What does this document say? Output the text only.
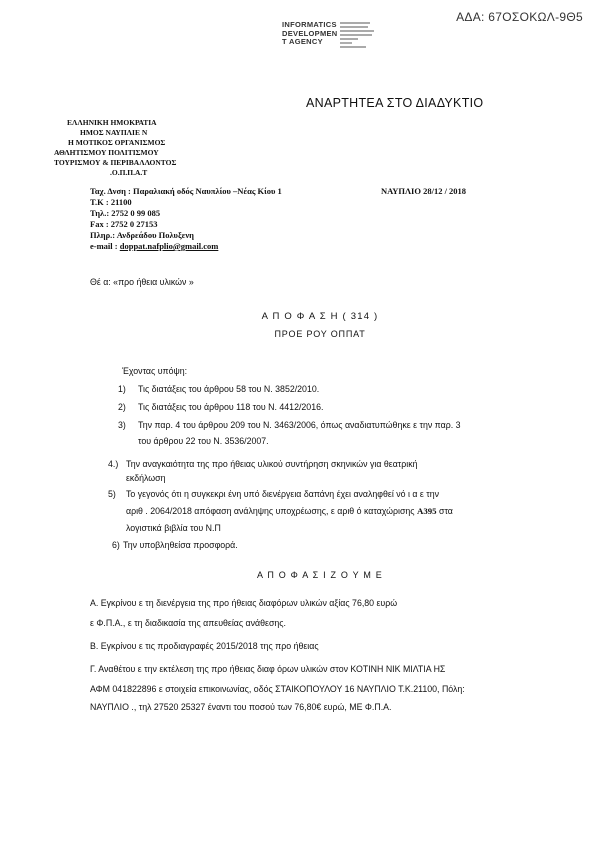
ΑΔΑ: 67ΟΣΟΚΩΛ-9Θ5
INFORMATICS
DEVELOPMEN
T AGENCY
ΑΝΑΡΤΗΤΕΑ ΣΤΟ ΔΙΑΔΥΚΤΙΟ
ΕΛΛΗΝΙΚΗ ΗΜΟΚΡΑΤΙΑ
ΗΜΟΣ ΝΑΥΠΛΙΕ Ν
Η ΜΟΤΙΚΟΣ ΟΡΓΑΝΙΣΜΟΣ
ΑΘΛΗΤΙΣΜΟΥ ΠΟΛΙΤΙΣΜΟΥ
ΤΟΥΡΙΣΜΟΥ & ΠΕΡΙΒΑΛΛΟΝΤΟΣ
.Ο.Π.Π.Α.Τ
Ταχ. Δνση : Παραλιακή οδός Ναυπλίου –Νέας Κίου 1
Τ.Κ : 21100
Τηλ.: 2752 0 99 085
Fax : 2752 0 27153
Πληρ.: Ανδρεάδου Πολυξενη
e-mail : doppat.nafplio@gmail.com
ΝΑΥΠΛΙΟ 28/12 / 2018
Θέ α: «προ ήθεια υλικών »
Α Π Ο Φ Α Σ Η ( 314 )
ΠΡΟΕ ΡΟΥ ΟΠΠΑΤ
Έχοντας υπόψη:
1) Τις διατάξεις του άρθρου 58 του Ν. 3852/2010.
2) Τις διατάξεις του άρθρου 118 του Ν. 4412/2016.
3) Την παρ. 4 του άρθρου 209 του Ν. 3463/2006, όπως αναδιατυπώθηκε ε την παρ. 3
του άρθρου 22 του Ν. 3536/2007.
4.) Την αναγκαιότητα της προ ήθειας υλικού συντήρηση σκηνικών για θεατρική
εκδήλωση
5) Το γεγονός ότι η συγκεκρι ένη υπό διενέργεια δαπάνη έχει αναληφθεί νό ι α ε την
αριθ . 2064/2018 απόφαση ανάληψης υποχρέωσης, ε αριθ ό καταχώρισης Α395 στα
λογιστικά βιβλία του Ν.Π
6) Την υποβληθείσα προσφορά.
Α Π Ο Φ Α Σ Ι Ζ Ο Υ Μ Ε
Α. Εγκρίνου ε τη διενέργεια της προ ήθειας διαφόρων υλικών αξίας 76,80 ευρώ
ε Φ.Π.Α., ε τη διαδικασία της απευθείας ανάθεσης.
Β. Εγκρίνου ε τις προδιαγραφές 2015/2018 της προ ήθειας
Γ. Αναθέτου ε την εκτέλεση της προ ήθειας διαφ όρων υλικών στον ΚΟΤΙΝΗ ΝΙΚ ΜΙΛΤΙΑ ΗΣ
ΑΦΜ 041822896 ε στοιχεία επικοινωνίας, οδός ΣΤΑΙΚΟΠΟΥΛΟΥ 16 ΝΑΥΠΛΙΟ Τ.Κ.21100, Πόλη:
ΝΑΥΠΛΙΟ ., τηλ 27520 25327 έναντι του ποσού των 76,80€ ευρώ, ΜΕ Φ.Π.Α.
